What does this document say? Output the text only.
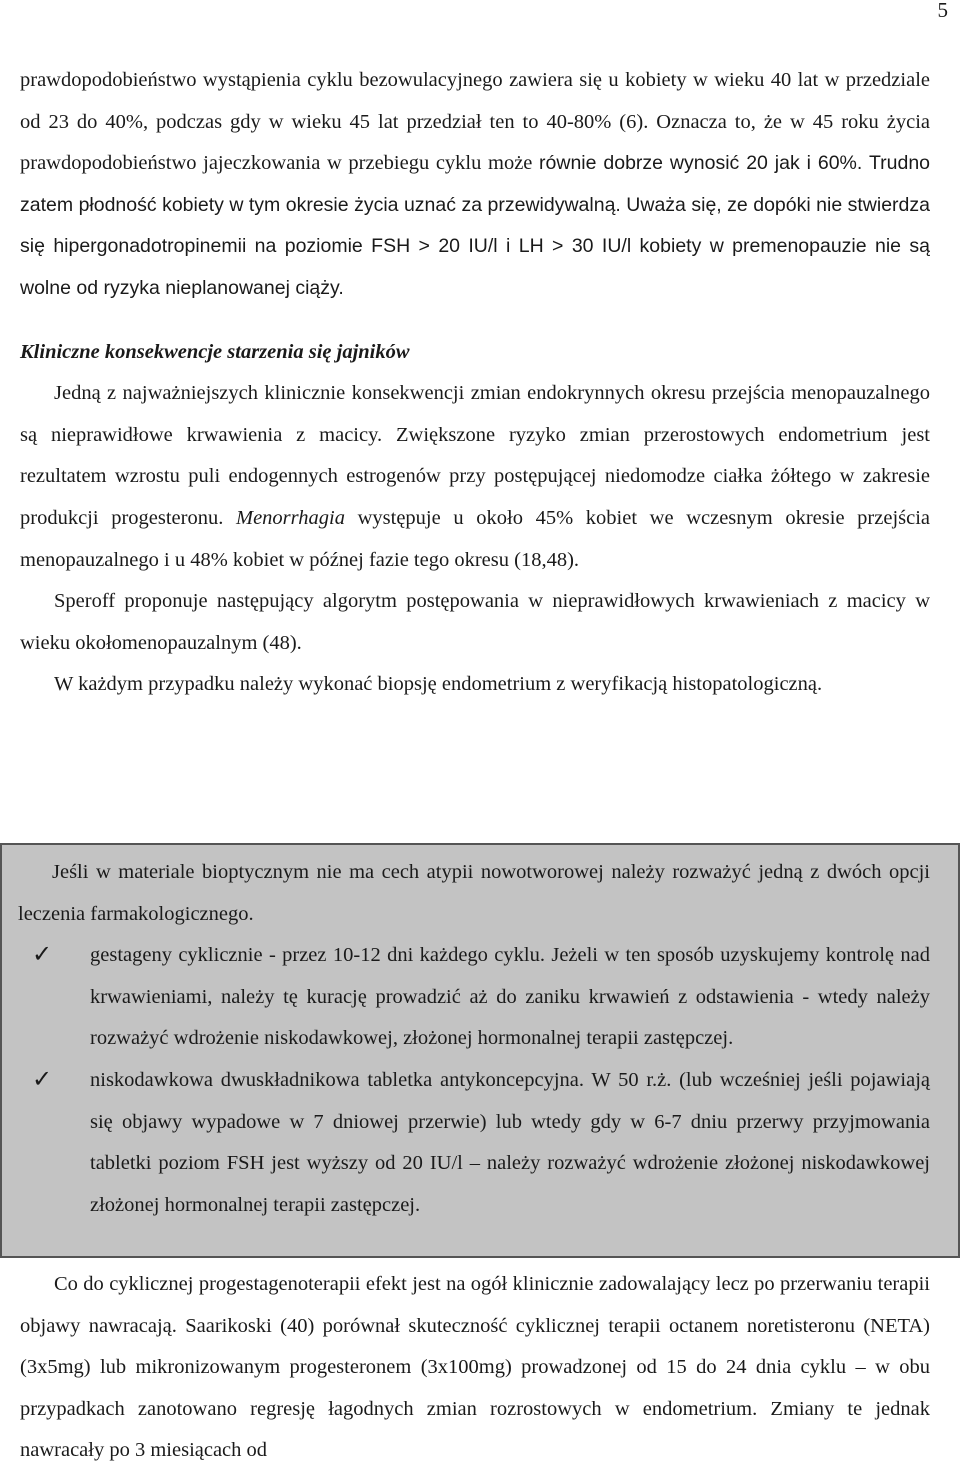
5

prawdopodobieństwo wystąpienia cyklu bezowulacyjnego zawiera się u kobiety w wieku 40 lat w przedziale od 23 do 40%, podczas gdy w wieku 45 lat przedział ten to 40-80% (6). Oznacza to, że w 45 roku życia prawdopodobieństwo jajeczkowania w przebiegu cyklu może równie dobrze wynosić 20 jak i 60%. Trudno zatem płodność kobiety w tym okresie życia uznać za przewidywalną. Uważa się, ze dopóki nie stwierdza się hipergonadotropinemii na poziomie FSH > 20 IU/l i LH > 30 IU/l kobiety w premenopauzie nie są wolne od ryzyka nieplanowanej ciąży.

Kliniczne konsekwencje starzenia się jajników

Jedną z najważniejszych klinicznie konsekwencji zmian endokrynnych okresu przejścia menopauzalnego są nieprawidłowe krwawienia z macicy. Zwiększone ryzyko zmian przerostowych endometrium jest rezultatem wzrostu puli endogennych estrogenów przy postępującej niedomodze ciałka żółtego w zakresie produkcji progesteronu. Menorrhagia występuje u około 45% kobiet we wczesnym okresie przejścia menopauzalnego i u 48% kobiet w późnej fazie tego okresu (18,48).

Speroff proponuje następujący algorytm postępowania w nieprawidłowych krwawieniach z macicy w wieku okołomenopauzalnym (48).

W każdym przypadku należy wykonać biopsję endometrium z weryfikacją histopatologiczną.

Jeśli w materiale bioptycznym nie ma cech atypii nowotworowej należy rozważyć jedną z dwóch opcji leczenia farmakologicznego.

✓	gestageny cyklicznie - przez 10-12 dni każdego cyklu. Jeżeli w ten sposób uzyskujemy kontrolę nad krwawieniami, należy tę kurację prowadzić aż do zaniku krwawień z odstawienia - wtedy należy rozważyć wdrożenie niskodawkowej, złożonej hormonalnej terapii zastępczej.

✓	niskodawkowa dwuskładnikowa tabletka antykoncepcyjna. W 50 r.ż. (lub wcześniej jeśli pojawiają się objawy wypadowe w 7 dniowej przerwie) lub wtedy gdy w 6-7 dniu przerwy przyjmowania tabletki poziom FSH jest wyższy od 20 IU/l – należy rozważyć wdrożenie złożonej niskodawkowej złożonej hormonalnej terapii zastępczej.

Co do cyklicznej progestagenoterapii efekt jest na ogół klinicznie zadowalający lecz po przerwaniu terapii objawy nawracają. Saarikoski (40) porównał skuteczność cyklicznej terapii octanem noretisteronu (NETA) (3x5mg) lub mikronizowanym progesteronem (3x100mg) prowadzonej od 15 do 24 dnia cyklu – w obu przypadkach zanotowano regresję łagodnych zmian rozrostowych w endometrium. Zmiany te jednak nawracały po 3 miesiącach od
